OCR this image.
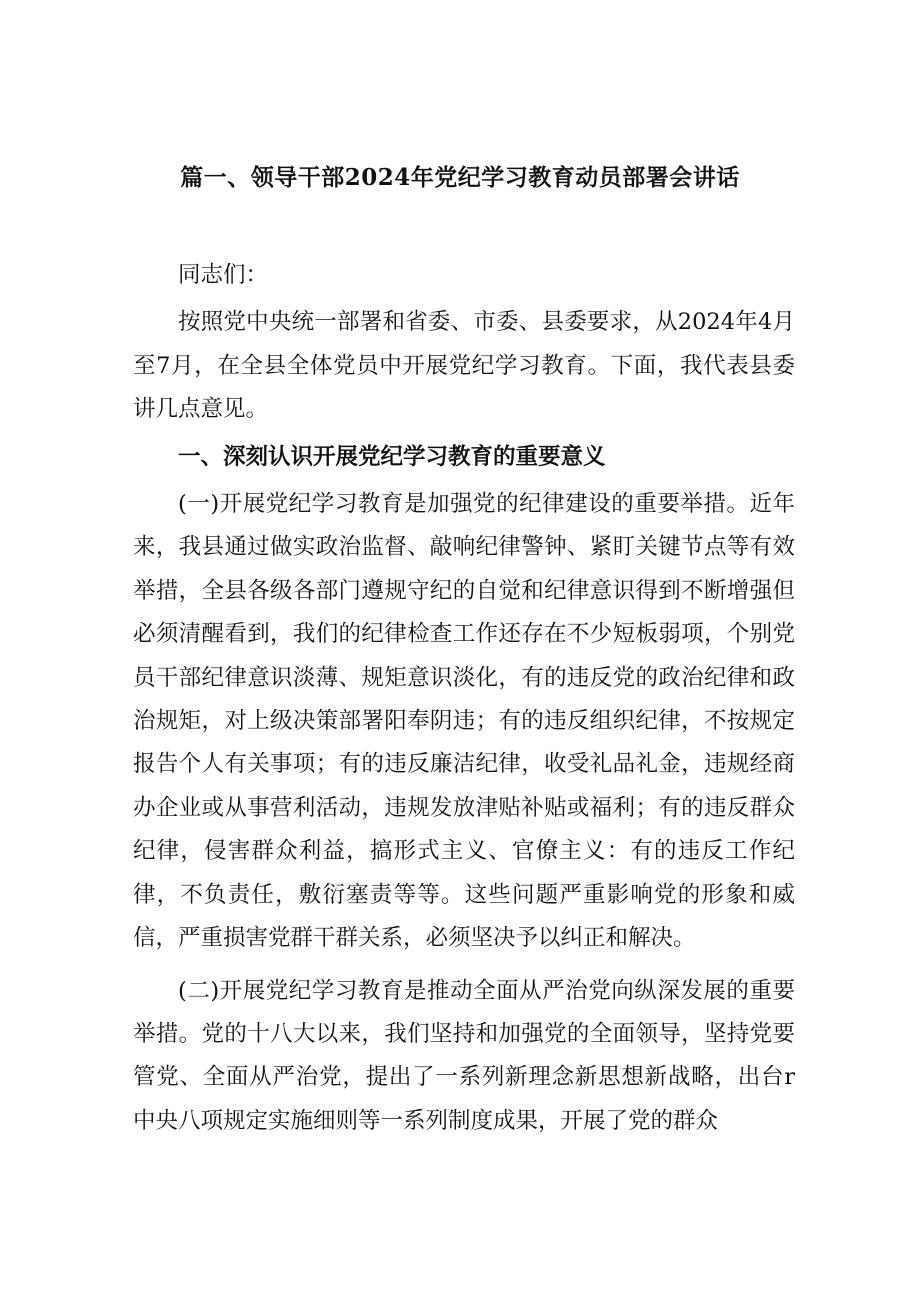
篇一、领导干部2024年党纪学习教育动员部署会讲话

同志们：

按照党中央统一部署和省委、市委、县委要求，从2024年4月至7月，在全县全体党员中开展党纪学习教育。下面，我代表县委讲几点意见。

一、深刻认识开展党纪学习教育的重要意义

(一)开展党纪学习教育是加强党的纪律建设的重要举措。近年来，我县通过做实政治监督、敲响纪律警钟、紧盯关键节点等有效举措，全县各级各部门遵规守纪的自觉和纪律意识得到不断增强但必须清醒看到，我们的纪律检查工作还存在不少短板弱项，个别党员干部纪律意识淡薄、规矩意识淡化，有的违反党的政治纪律和政治规矩，对上级决策部署阳奉阴违；有的违反组织纪律，不按规定报告个人有关事项；有的违反廉洁纪律，收受礼品礼金，违规经商办企业或从事营利活动，违规发放津贴补贴或福利；有的违反群众纪律，侵害群众利益，搞形式主义、官僚主义：有的违反工作纪律，不负责任，敷衍塞责等等。这些问题严重影响党的形象和威信，严重损害党群干群关系，必须坚决予以纠正和解决。

(二)开展党纪学习教育是推动全面从严治党向纵深发展的重要举措。党的十八大以来，我们坚持和加强党的全面领导，坚持党要管党、全面从严治党，提出了一系列新理念新思想新战略，出台r中央八项规定实施细则等一系列制度成果，开展了党的群众
